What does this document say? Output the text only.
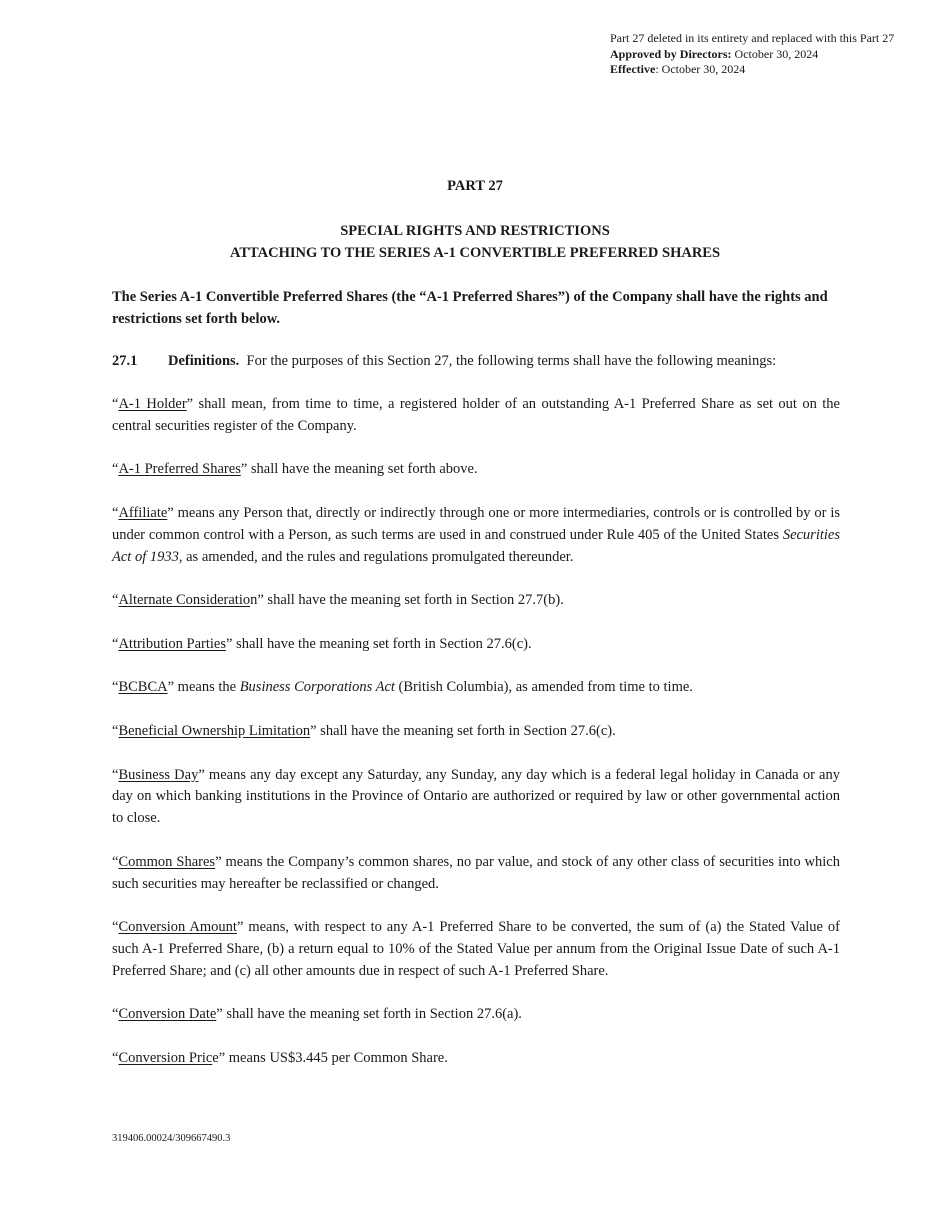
Part 27 deleted in its entirety and replaced with this Part 27
Approved by Directors: October 30, 2024
Effective: October 30, 2024
PART 27
SPECIAL RIGHTS AND RESTRICTIONS
ATTACHING TO THE SERIES A-1 CONVERTIBLE PREFERRED SHARES
The Series A-1 Convertible Preferred Shares (the “A-1 Preferred Shares”) of the Company shall have the rights and restrictions set forth below.
27.1 Definitions. For the purposes of this Section 27, the following terms shall have the following meanings:

“A-1 Holder” shall mean, from time to time, a registered holder of an outstanding A-1 Preferred Share as set out on the central securities register of the Company.

“A-1 Preferred Shares” shall have the meaning set forth above.

“Affiliate” means any Person that, directly or indirectly through one or more intermediaries, controls or is controlled by or is under common control with a Person, as such terms are used in and construed under Rule 405 of the United States Securities Act of 1933, as amended, and the rules and regulations promulgated thereunder.

“Alternate Consideration” shall have the meaning set forth in Section 27.7(b).

“Attribution Parties” shall have the meaning set forth in Section 27.6(c).

“BCBCA” means the Business Corporations Act (British Columbia), as amended from time to time.

“Beneficial Ownership Limitation” shall have the meaning set forth in Section 27.6(c).

“Business Day” means any day except any Saturday, any Sunday, any day which is a federal legal holiday in Canada or any day on which banking institutions in the Province of Ontario are authorized or required by law or other governmental action to close.

“Common Shares” means the Company’s common shares, no par value, and stock of any other class of securities into which such securities may hereafter be reclassified or changed.

“Conversion Amount” means, with respect to any A-1 Preferred Share to be converted, the sum of (a) the Stated Value of such A-1 Preferred Share, (b) a return equal to 10% of the Stated Value per annum from the Original Issue Date of such A-1 Preferred Share; and (c) all other amounts due in respect of such A-1 Preferred Share.

“Conversion Date” shall have the meaning set forth in Section 27.6(a).

“Conversion Price” means US$3.445 per Common Share.

319406.00024/309667490.3
